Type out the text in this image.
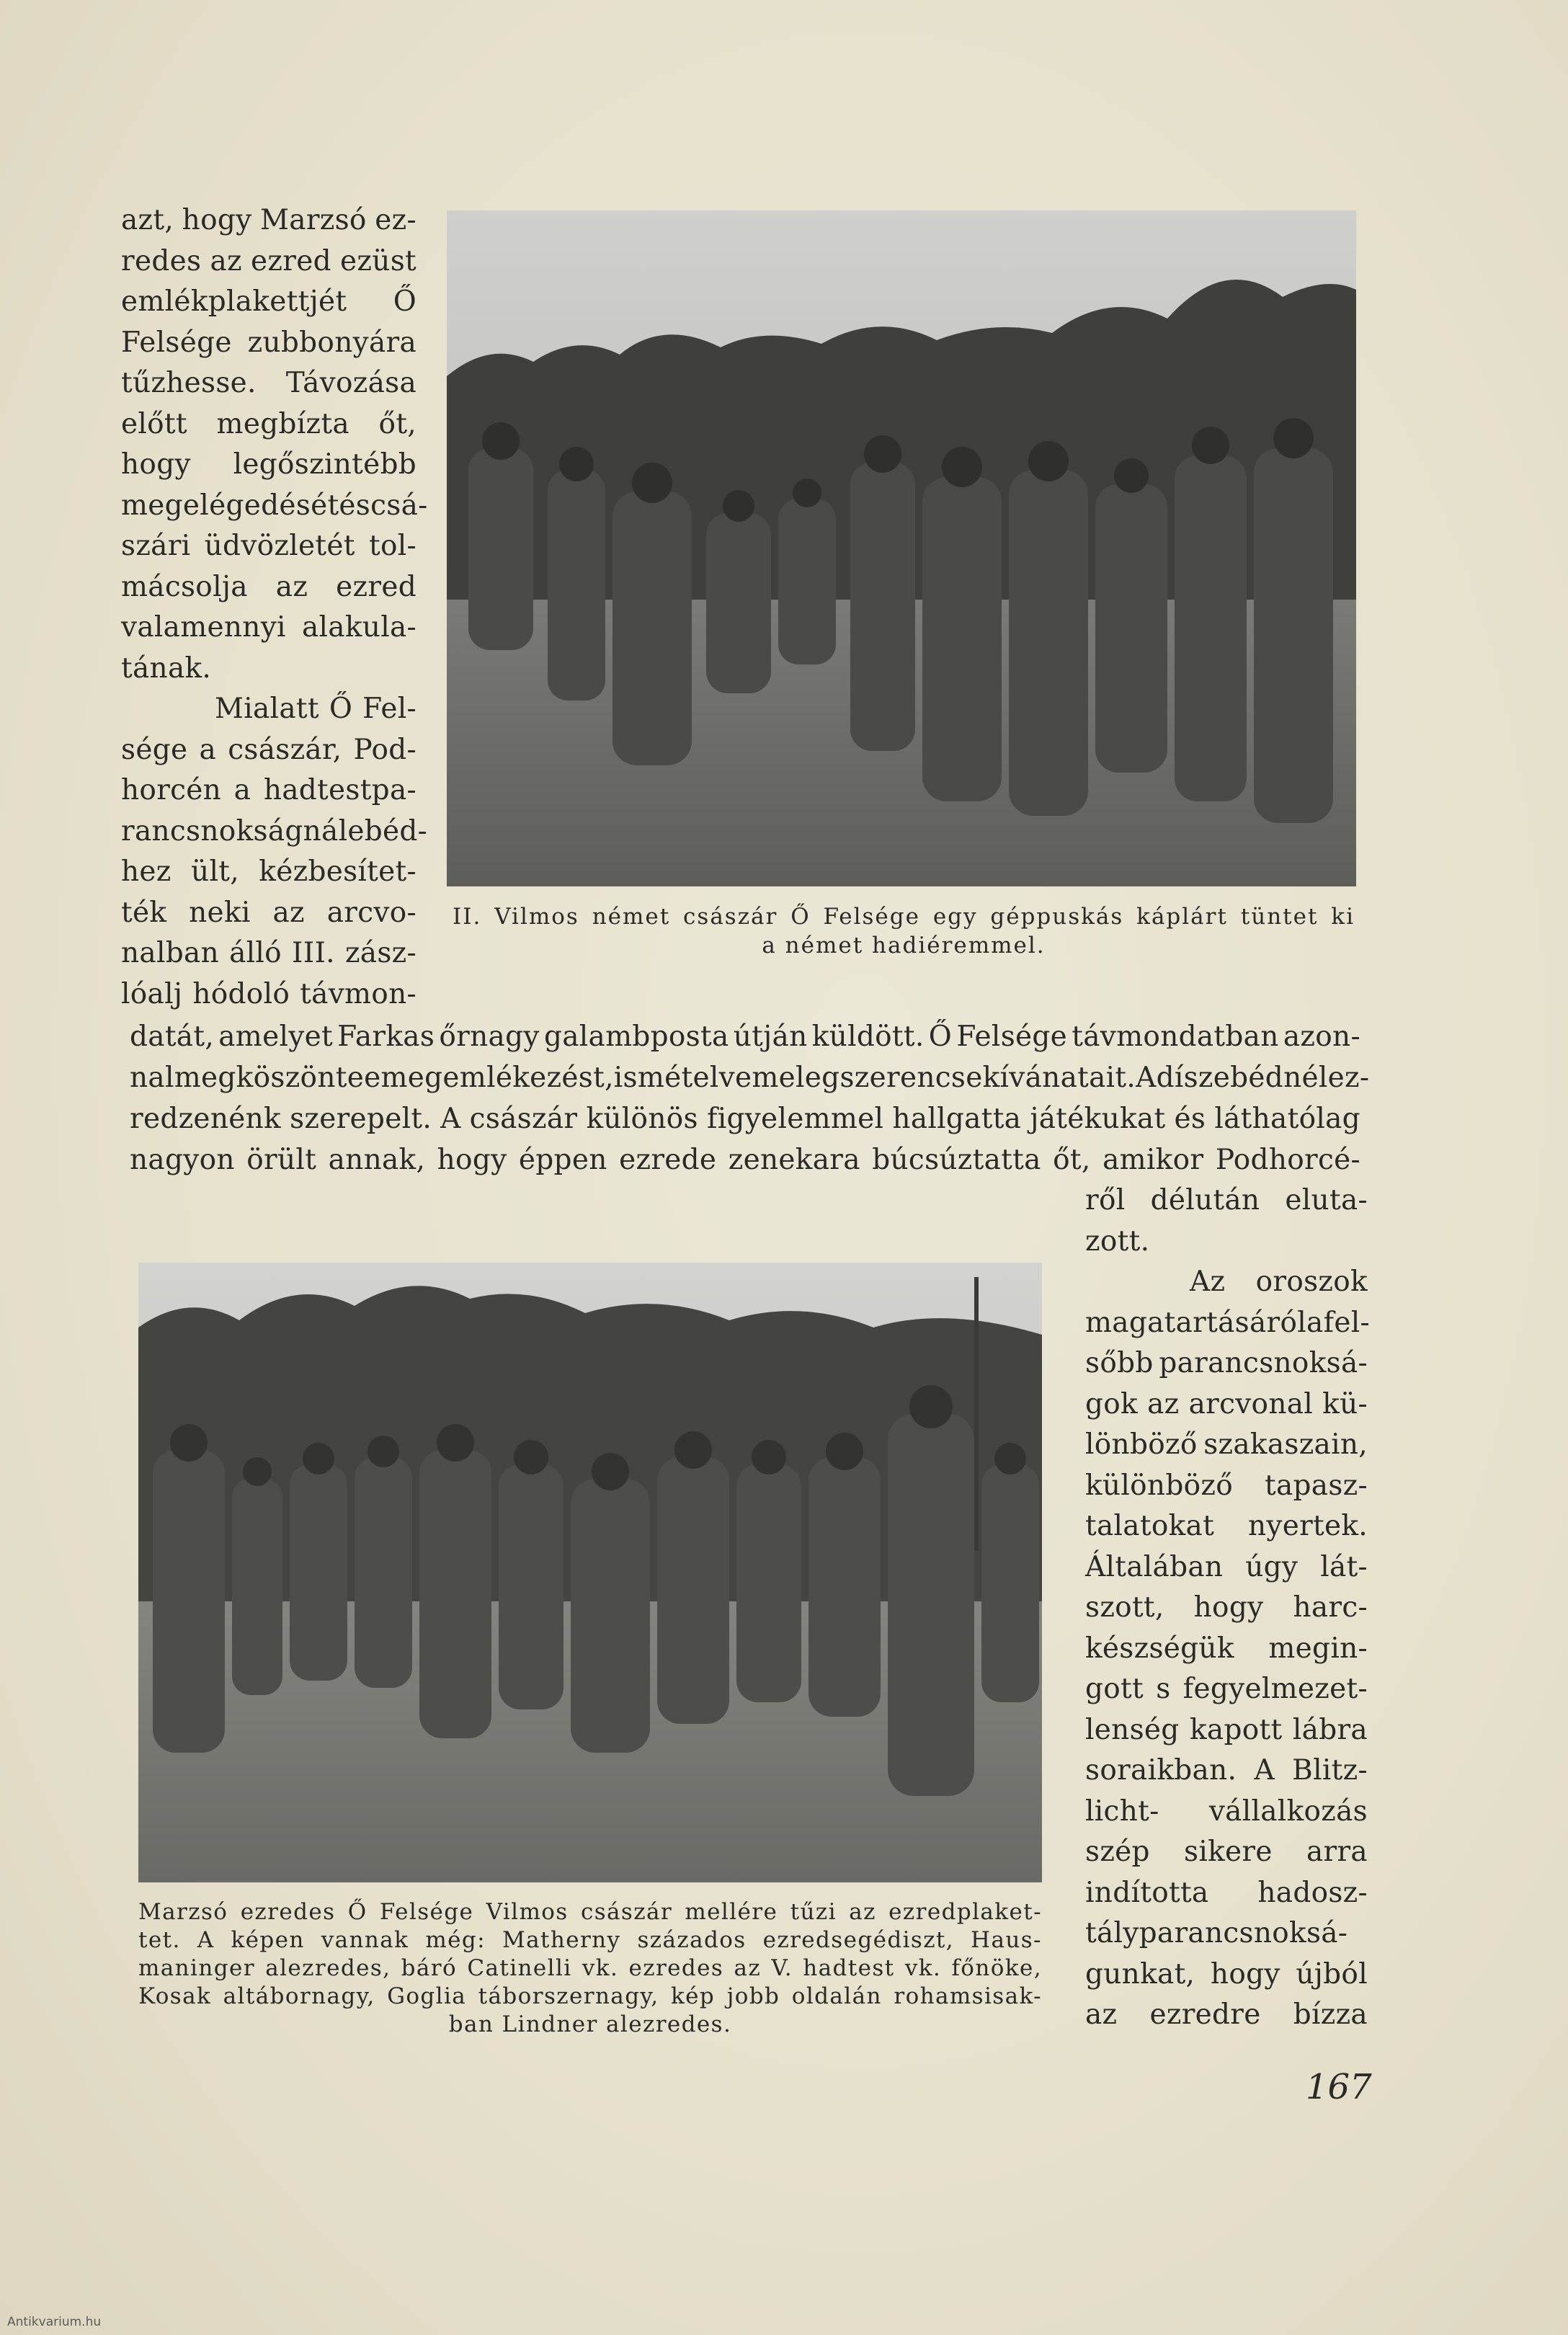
azt, hogy Marzsó ez-
redes az ezred ezüst
emlékplakettjét Ő
Felsége zubbonyára
tűzhesse. Távozása
előtt megbízta őt,
hogy legőszintébb
megelégedését és csá-
szári üdvözletét tol-
mácsolja az ezred
valamennyi alakula-
tának.
Mialatt Ő Fel-
sége a császár, Pod-
horcén a hadtestpa-
rancsnokságnál ebéd-
hez ült, kézbesítet-
ték neki az arcvo-
nalban álló III. zász-
lóalj hódoló távmon-
II. Vilmos német császár Ő Felsége egy géppuskás káplárt tüntet ki
a német hadiéremmel.
datát, amelyet Farkas őrnagy galambposta útján küldött. Ő Felsége távmondatban azon-
nal megköszönte e megemlékezést, ismételve meleg szerencsekívánatait. A díszebédnél ez-
redzenénk szerepelt. A császár különös figyelemmel hallgatta játékukat és láthatólag
nagyon örült annak, hogy éppen ezrede zenekara búcsúztatta őt, amikor Podhorcé-
ről délután eluta-
zott.
Az oroszok
magatartásáról a fel-
sőbb parancsnoksá-
gok az arcvonal kü-
lönböző szakaszain,
különböző tapasz-
talatokat nyertek.
Általában úgy lát-
szott, hogy harc-
készségük megin-
gott s fegyelmezet-
lenség kapott lábra
soraikban. A Blitz-
licht- vállalkozás
szép sikere arra
indította hadosz-
tályparancsnoksá-
gunkat, hogy újból
az ezredre bízza
Marzsó ezredes Ő Felsége Vilmos császár mellére tűzi az ezredplaket-
tet. A képen vannak még: Matherny százados ezredsegédiszt, Haus-
maninger alezredes, báró Catinelli vk. ezredes az V. hadtest vk. főnöke,
Kosak altábornagy, Goglia táborszernagy, kép jobb oldalán rohamsisak-
ban Lindner alezredes.
167
Antikvarium.hu
